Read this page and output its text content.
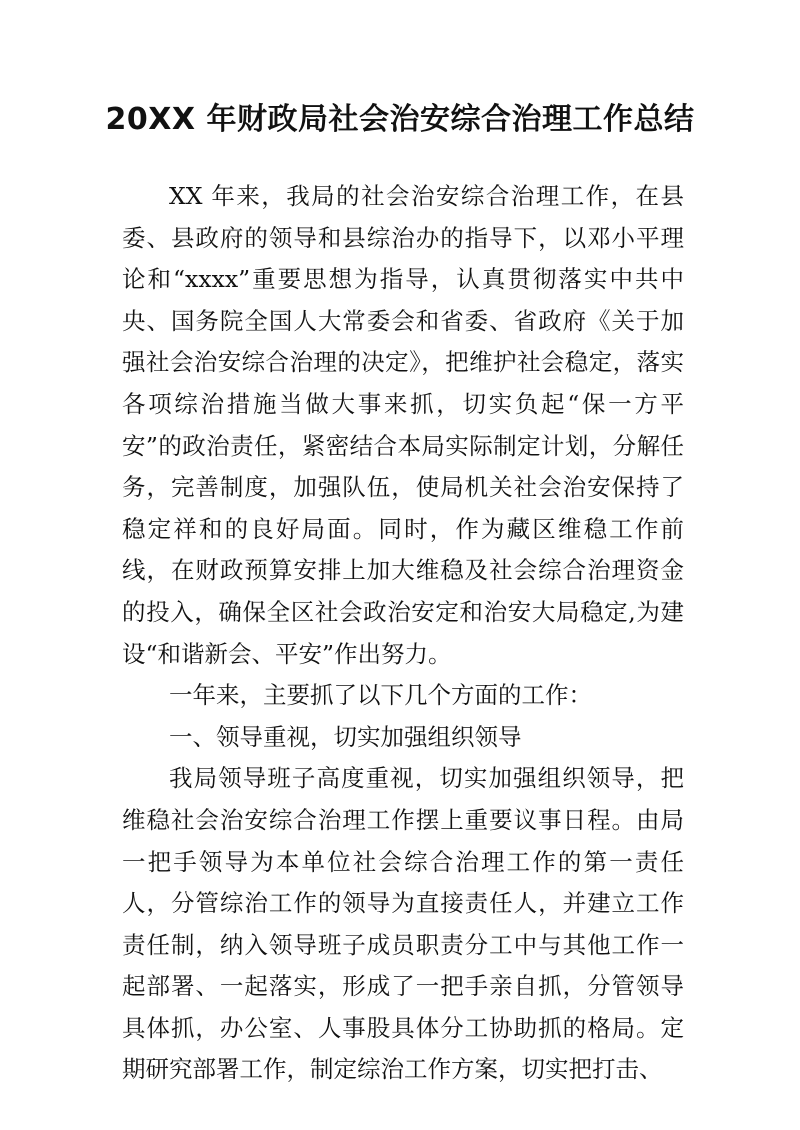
20XX 年财政局社会治安综合治理工作总结

XX 年来，我局的社会治安综合治理工作，在县委、县政府的领导和县综治办的指导下，以邓小平理论和“xxxx”重要思想为指导，认真贯彻落实中共中央、国务院全国人大常委会和省委、省政府《关于加强社会治安综合治理的决定》，把维护社会稳定，落实各项综治措施当做大事来抓，切实负起“保一方平安”的政治责任，紧密结合本局实际制定计划，分解任务，完善制度，加强队伍，使局机关社会治安保持了稳定祥和的良好局面。同时，作为藏区维稳工作前线，在财政预算安排上加大维稳及社会综合治理资金的投入，确保全区社会政治安定和治安大局稳定,为建设“和谐新会、平安”作出努力。

一年来，主要抓了以下几个方面的工作：

一、领导重视，切实加强组织领导

我局领导班子高度重视，切实加强组织领导，把维稳社会治安综合治理工作摆上重要议事日程。由局一把手领导为本单位社会综合治理工作的第一责任人，分管综治工作的领导为直接责任人，并建立工作责任制，纳入领导班子成员职责分工中与其他工作一起部署、一起落实，形成了一把手亲自抓，分管领导具体抓，办公室、人事股具体分工协助抓的格局。定期研究部署工作，制定综治工作方案，切实把打击、
